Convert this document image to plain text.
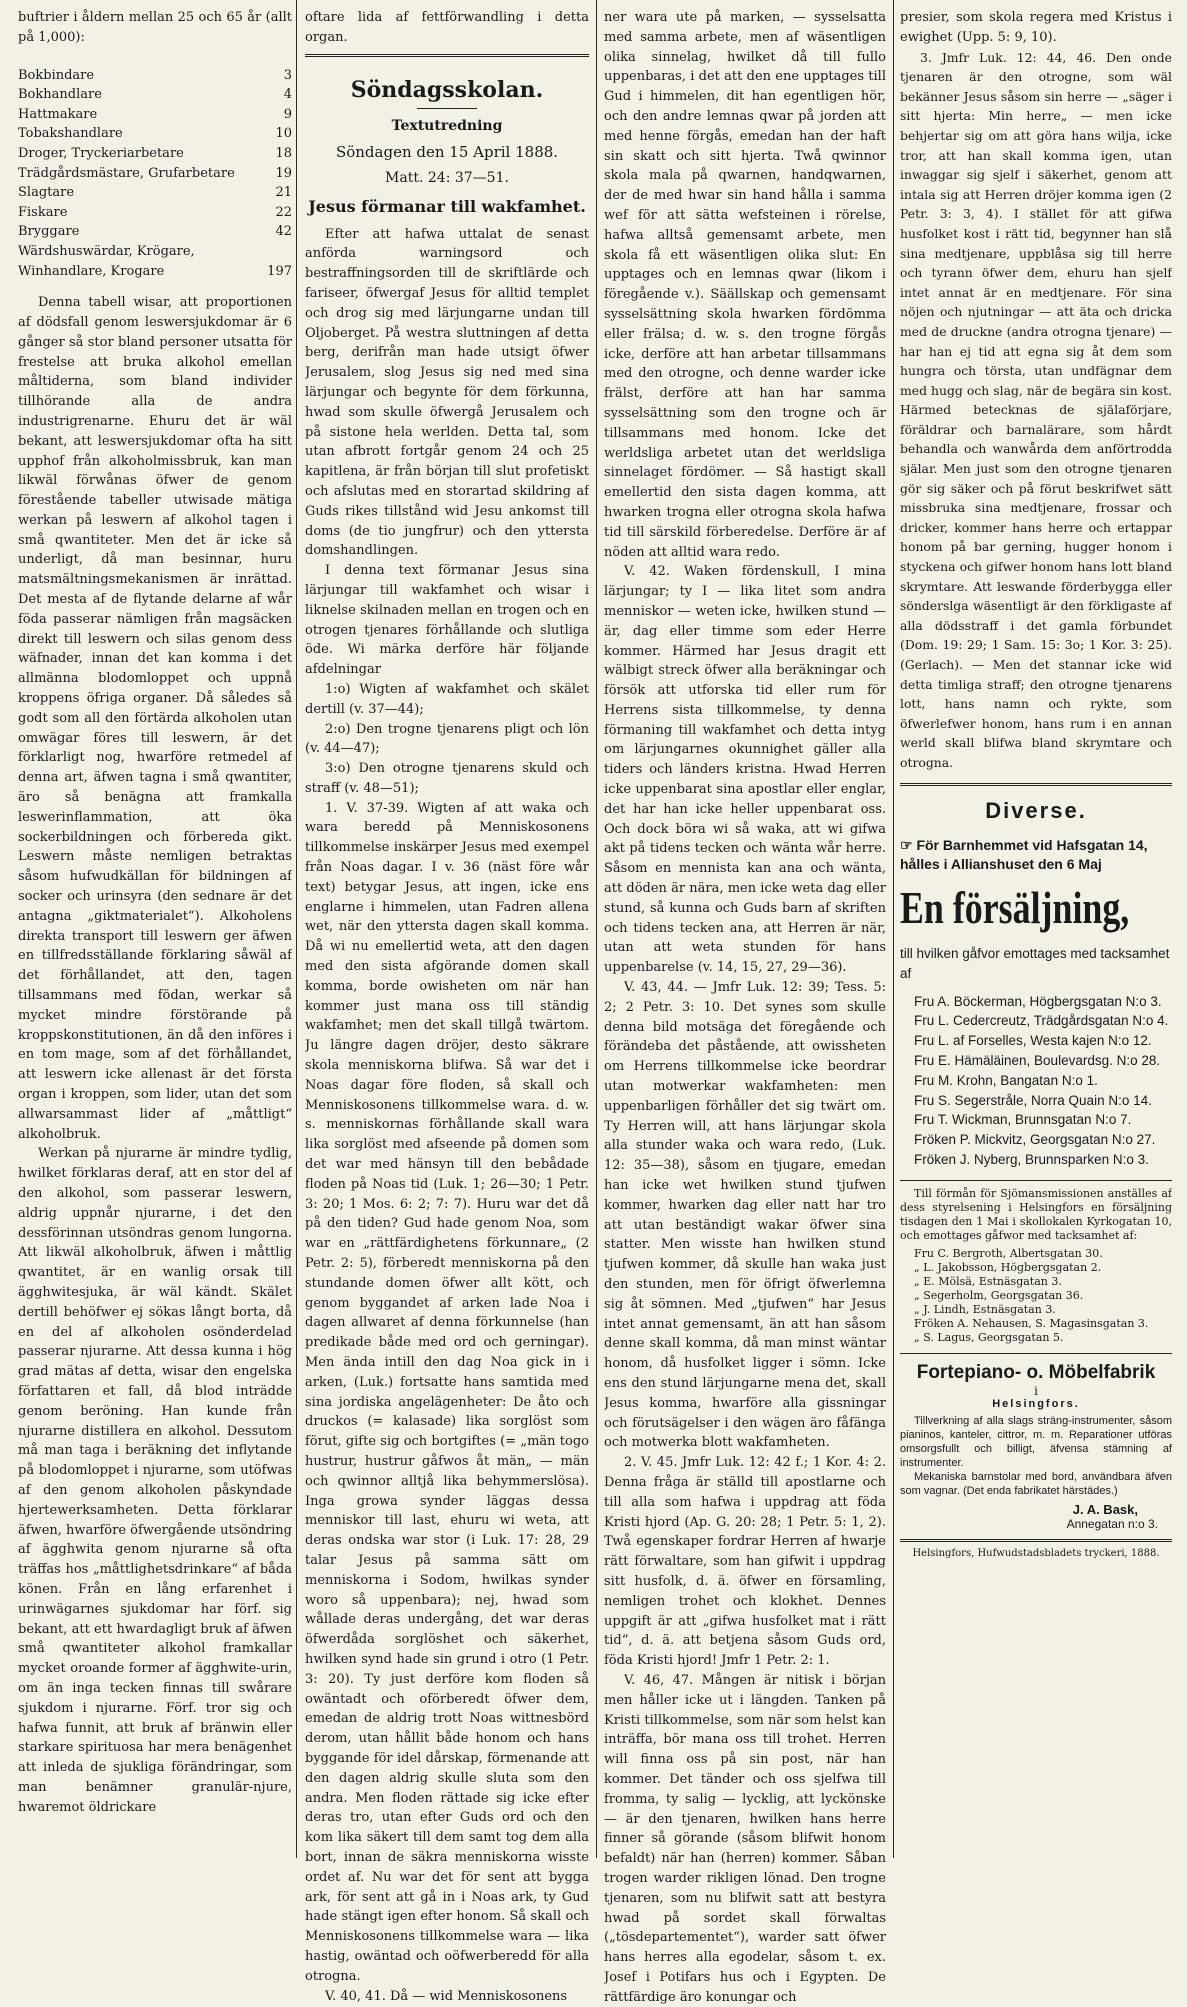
buftrier i åldern mellan 25 och 65 år (allt på 1,000):

Bokbindare	3
Bokhandlare	4
Hattmakare	9
Tobakshandlare	10
Droger, Tryckeriarbetare	18
Trädgårdsmästare, Grufarbetare	19
Slagtare	21
Fiskare	22
Bryggare	42
Wärdshuswärdar, Krögare, Winhandlare, Krogare	197

Denna tabell wisar, att proportionen af dödsfall genom leswersjukdomar är 6 gånger så stor bland personer utsatta för frestelse att bruka alkohol emellan måltiderna, som bland individer tillhörande alla de andra industrigrenarne. Ehuru det är wäl bekant, att leswersjukdomar ofta ha sitt upphof från alkoholmissbruk, kan man likwäl förwånas öfwer de genom förestående tabeller utwisade mätiga werkan på leswern af alkohol tagen i små qwantiteter. Men det är icke så underligt, då man besinnar, huru matsmältningsmekanismen är inrättad. Det mesta af de flytande delarne af wår föda passerar nämligen från magsäcken direkt till leswern och silas genom dess wäfnader, innan det kan komma i det allmänna blodomloppet och uppnå kroppens öfriga organer. Då således så godt som all den förtärda alkoholen utan omwägar föres till leswern, är det förklarligt nog, hwarföre retmedel af denna art, äfwen tagna i små qwantiter, äro så benägna att framkalla leswerinflammation, att öka sockerbildningen och förbereda gikt. Leswern måste nemligen betraktas såsom hufwudkällan för bildningen af socker och urinsyra (den sednare är det antagna „giktmaterialet“). Alkoholens direkta transport till leswern ger äfwen en tillfredsställande förklaring såwäl af det förhållandet, att den, tagen tillsammans med födan, werkar så mycket mindre förstörande på kroppskonstitutionen, än då den införes i en tom mage, som af det förhållandet, att leswern icke allenast är det första organ i kroppen, som lider, utan det som allwarsammast lider af „måttligt“ alkoholbruk.

Werkan på njurarne är mindre tydlig, hwilket förklaras deraf, att en stor del af den alkohol, som passerar leswern, aldrig uppnår njurarne, i det den dessförinnan utsöndras genom lungorna. Att likwäl alkoholbruk, äfwen i måttlig qwantitet, är en wanlig orsak till ägghwitesjuka, är wäl kändt. Skälet dertill behöfwer ej sökas långt borta, då en del af alkoholen osönderdelad passerar njurarne. Att dessa kunna i hög grad mätas af detta, wisar den engelska författaren et fall, då blod inträdde genom beröning. Han kunde från njurarne distillera en alkohol. Dessutom må man taga i beräkning det inflytande på blodomloppet i njurarne, som utöfwas af den genom alkoholen påskyndade hjertewerksamheten. Detta förklarar äfwen, hwarföre öfwergående utsöndring af ägghwita genom njurarne så ofta träffas hos „måttlighetsdrinkare“ af båda könen. Från en lång erfarenhet i urinwägarnes sjukdomar har förf. sig bekant, att ett hwardagligt bruk af äfwen små qwantiteter alkohol framkallar mycket oroande former af ägghwite-urin, om än inga tecken finnas till swårare sjukdom i njurarne. Förf. tror sig och hafwa funnit, att bruk af bränwin eller starkare spirituosa har mera benägenhet att inleda de sjukliga förändringar, som man benämner granulär-njure, hwaremot öldrickare

oftare lida af fettförwandling i detta organ.

Söndagsskolan.
Textutredning
Söndagen den 15 April 1888.
Matt. 24: 37—51.
Jesus förmanar till wakfamhet.

Efter att hafwa uttalat de senast anförda warningsord och bestraffningsorden till de skriftlärde och fariseer, öfwergaf Jesus för alltid templet och drog sig med lärjungarne undan till Oljoberget. På westra sluttningen af detta berg, derifrån man hade utsigt öfwer Jerusalem, slog Jesus sig ned med sina lärjungar och begynte för dem förkunna, hwad som skulle öfwergå Jerusalem och på sistone hela werlden. Detta tal, som utan afbrott fortgår genom 24 och 25 kapitlena, är från början till slut profetiskt och afslutas med en storartad skildring af Guds rikes tillstånd wid Jesu ankomst till doms (de tio jungfrur) och den yttersta domshandlingen.

I denna text förmanar Jesus sina lärjungar till wakfamhet och wisar i liknelse skilnaden mellan en trogen och en otrogen tjenares förhållande och slutliga öde. Wi märka derföre här följande afdelningar

1:o) Wigten af wakfamhet och skälet dertill (v. 37—44);

2:o) Den trogne tjenarens pligt och lön (v. 44—47);

3:o) Den otrogne tjenarens skuld och straff (v. 48—51);

1. V. 37-39. Wigten af att waka och wara beredd på Menniskosonens tillkommelse inskärper Jesus med exempel från Noas dagar. I v. 36 (näst före wår text) betygar Jesus, att ingen, icke ens englarne i himmelen, utan Fadren allena wet, när den yttersta dagen skall komma. Då wi nu emellertid weta, att den dagen med den sista afgörande domen skall komma, borde owisheten om när han kommer just mana oss till ständig wakfamhet; men det skall tillgå twärtom. Ju längre dagen dröjer, desto säkrare skola menniskorna blifwa. Så war det i Noas dagar före floden, så skall och Menniskosonens tillkommelse wara. d. w. s. menniskornas förhållande skall wara lika sorglöst med afseende på domen som det war med hänsyn till den bebådade floden på Noas tid (Luk. 1; 26—30; 1 Petr. 3: 20; 1 Mos. 6: 2; 7: 7). Huru war det då på den tiden? Gud hade genom Noa, som war en „rättfärdighetens förkunnare„ (2 Petr. 2: 5), förberedt menniskorna på den stundande domen öfwer allt kött, och genom byggandet af arken lade Noa i dagen allwaret af denna förkunnelse (han predikade både med ord och gerningar). Men ända intill den dag Noa gick in i arken, (Luk.) fortsatte hans samtida med sina jordiska angelägenheter: De åto och druckos (= kalasade) lika sorglöst som förut, gifte sig och bortgiftes (= „män togo hustrur, hustrur gåfwos åt män„ — män och qwinnor alltjå lika behymmerslösa). Inga growa synder läggas dessa menniskor till last, ehuru wi weta, att deras ondska war stor (i Luk. 17: 28, 29 talar Jesus på samma sätt om menniskorna i Sodom, hwilkas synder woro så uppenbara); nej, hwad som wållade deras undergång, det war deras öfwerdåda sorglöshet och säkerhet, hwilken synd hade sin grund i otro (1 Petr. 3: 20). Ty just derföre kom floden så owäntadt och oförberedt öfwer dem, emedan de aldrig trott Noas wittnesbörd derom, utan hållit både honom och hans byggande för idel dårskap, förmenande att den dagen aldrig skulle sluta som den andra. Men floden rättade sig icke efter deras tro, utan efter Guds ord och den kom lika säkert till dem samt tog dem alla bort, innan de säkra menniskorna wisste ordet af. Nu war det för sent att bygga ark, för sent att gå in i Noas ark, ty Gud hade stängt igen efter honom. Så skall och Menniskosonens tillkommelse wara — lika hastig, owäntad och oöfwerberedd för alla otrogna.

V. 40, 41. Då — wid Menniskosonens

ner wara ute på marken, — sysselsatta med samma arbete, men af wäsentligen olika sinnelag, hwilket då till fullo uppenbaras, i det att den ene upptages till Gud i himmelen, dit han egentligen hör, och den andre lemnas qwar på jorden att med henne förgås, emedan han der haft sin skatt och sitt hjerta. Twå qwinnor skola mala på qwarnen, handqwarnen, der de med hwar sin hand hålla i samma wef för att sätta wefsteinen i rörelse, hafwa alltså gemensamt arbete, men skola få ett wäsentligen olika slut: En upptages och en lemnas qwar (likom i föregående v.). Säällskap och gemensamt sysselsättning skola hwarken fördömma eller frälsa; d. w. s. den trogne förgås icke, derföre att han arbetar tillsammans med den otrogne, och denne warder icke frälst, derföre att han har samma sysselsättning som den trogne och är tillsammans med honom. Icke det werldsliga arbetet utan det werldsliga sinnelaget fördömer. — Så hastigt skall emellertid den sista dagen komma, att hwarken trogna eller otrogna skola hafwa tid till särskild förberedelse. Derföre är af nöden att alltid wara redo.

V. 42. Waken fördenskull, I mina lärjungar; ty I — lika litet som andra menniskor — weten icke, hwilken stund — är, dag eller timme som eder Herre kommer. Härmed har Jesus dragit ett wälbigt streck öfwer alla beräkningar och försök att utforska tid eller rum för Herrens sista tillkommelse, ty denna förmaning till wakfamhet och detta intyg om lärjungarnes okunnighet gäller alla tiders och länders kristna. Hwad Herren icke uppenbarat sina apostlar eller englar, det har han icke heller uppenbarat oss. Och dock böra wi så waka, att wi gifwa akt på tidens tecken och wänta wår herre. Såsom en mennista kan ana och wänta, att döden är nära, men icke weta dag eller stund, så kunna och Guds barn af skriften och tidens tecken ana, att Herren är när, utan att weta stunden för hans uppenbarelse (v. 14, 15, 27, 29—36).

V. 43, 44. — Jmfr Luk. 12: 39; Tess. 5: 2; 2 Petr. 3: 10. Det synes som skulle denna bild motsäga det föregående och förändeba det påstående, att owissheten om Herrens tillkommelse icke beordrar utan motwerkar wakfamheten: men uppenbarligen förhåller det sig twärt om. Ty Herren will, att hans lärjungar skola alla stunder waka och wara redo, (Luk. 12: 35—38), såsom en tjugare, emedan han icke wet hwilken stund tjufwen kommer, hwarken dag eller natt har tro att utan beständigt wakar öfwer sina statter. Men wisste han hwilken stund tjufwen kommer, då skulle han waka just den stunden, men för öfrigt öfwerlemna sig åt sömnen. Med „tjufwen“ har Jesus intet annat gemensamt, än att han såsom denne skall komma, då man minst wäntar honom, då husfolket ligger i sömn. Icke ens den stund lärjungarne mena det, skall Jesus komma, hwarföre alla gissningar och förutsägelser i den wägen äro fåfänga och motwerka blott wakfamheten.

2. V. 45. Jmfr Luk. 12: 42 f.; 1 Kor. 4: 2. Denna fråga är ställd till apostlarne och till alla som hafwa i uppdrag att föda Kristi hjord (Ap. G. 20: 28; 1 Petr. 5: 1, 2). Twå egenskaper fordrar Herren af hwarje rätt förwaltare, som han gifwit i uppdrag sitt husfolk, d. ä. öfwer en församling, nemligen trohet och klokhet. Dennes uppgift är att „gifwa husfolket mat i rätt tid“, d. ä. att betjena såsom Guds ord, föda Kristi hjord! Jmfr 1 Petr. 2: 1.

V. 46, 47. Mången är nitisk i början men håller icke ut i längden. Tanken på Kristi tillkommelse, som när som helst kan inträffa, bör mana oss till trohet. Herren will finna oss på sin post, när han kommer. Det tänder och oss sjelfwa till fromma, ty salig — lycklig, att lyckönske — är den tjenaren, hwilken hans herre finner så görande (såsom blifwit honom befaldt) när han (herren) kommer. Såban trogen warder rikligen lönad. Den trogne tjenaren, som nu blifwit satt att bestyra hwad på sordet skall förwaltas („tösdepartementet“), warder satt öfwer hans herres alla egodelar, såsom t. ex. Josef i Potifars hus och i Egypten. De rättfärdige äro konungar och

presier, som skola regera med Kristus i ewighet (Upp. 5: 9, 10).

3. Jmfr Luk. 12: 44, 46. Den onde tjenaren är den otrogne, som wäl bekänner Jesus såsom sin herre — „säger i sitt hjerta: Min herre„ — men icke behjertar sig om att göra hans wilja, icke tror, att han skall komma igen, utan inwaggar sig sjelf i säkerhet, genom att intala sig att Herren dröjer komma igen (2 Petr. 3: 3, 4). I stället för att gifwa husfolket kost i rätt tid, begynner han slå sina medtjenare, uppblåsa sig till herre och tyrann öfwer dem, ehuru han sjelf intet annat är en medtjenare. För sina nöjen och njutningar — att äta och dricka med de druckne (andra otrogna tjenare) — har han ej tid att egna sig åt dem som hungra och törsta, utan undfägnar dem med hugg och slag, när de begära sin kost. Härmed betecknas de själaförjare, föräldrar och barnalärare, som hårdt behandla och wanwårda dem anförtrodda själar. Men just som den otrogne tjenaren gör sig säker och på förut beskrifwet sätt missbruka sina medtjenare, frossar och dricker, kommer hans herre och ertappar honom på bar gerning, hugger honom i styckena och gifwer honom hans lott bland skrymtare. Att leswande förderbygga eller sönderslga wäsentligt är den förkligaste af alla dödsstraff i det gamla förbundet (Dom. 19: 29; 1 Sam. 15: 3o; 1 Kor. 3: 25). (Gerlach). — Men det stannar icke wid detta timliga straff; den otrogne tjenarens lott, hans namn och rykte, som öfwerlefwer honom, hans rum i en annan werld skall blifwa bland skrymtare och otrogna.

Diverse.
☞ För Barnhemmet vid Hafsgatan 14, hålles i Allianshuset den 6 Maj
En försäljning,
till hvilken gåfvor emottages med tacksamhet af
Fru A. Böckerman, Högbergsgatan N:o 3.
Fru L. Cedercreutz, Trädgårdsgatan N:o 4.
Fru L. af Forselles, Westa kajen N:o 12.
Fru E. Hämäläinen, Boulevardsg. N:o 28.
Fru M. Krohn, Bangatan N:o 1.
Fru S. Segerstråle, Norra Quain N:o 14.
Fru T. Wickman, Brunnsgatan N:o 7.
Fröken P. Mickvitz, Georgsgatan N:o 27.
Fröken J. Nyberg, Brunnsparken N:o 3.
Till förmån för Sjömansmissionen anställes af dess styrelsening i Helsingfors en försäljning tisdagen den 1 Mai i skollokalen Kyrkogatan 10, och emottages gåfwor med tacksamhet af:
Fru C. Bergroth, Albertsgatan 30.
„ L. Jakobsson, Högbergsgatan 2.
„ E. Mölsä, Estnäsgatan 3.
„ Segerholm, Georgsgatan 36.
„ J. Lindh, Estnäsgatan 3.
Fröken A. Nehausen, S. Magasinsgatan 3.
„ S. Lagus, Georgsgatan 5.
Fortepiano- o. Möbelfabrik
i
Helsingfors.
Tillverkning af alla slags sträng-instrumenter, såsom pianinos, kanteler, cittror, m. m. Reparationer utföras omsorgsfullt och billigt, äfvensa stämning af instrumenter.
Mekaniska barnstolar med bord, användbara äfven som vagnar. (Det enda fabrikatet härstädes.)
J. A. Bask,
Annegatan n:o 3.
Helsingfors, Hufwudstadsbladets tryckeri, 1888.
